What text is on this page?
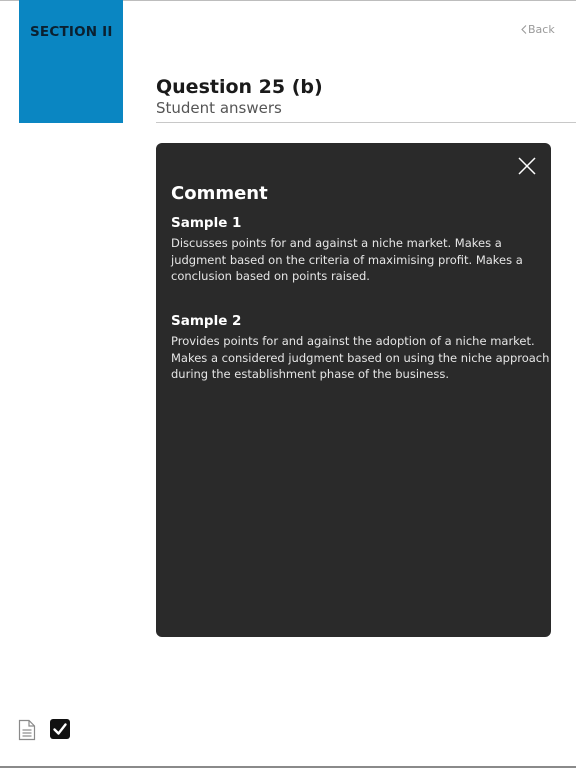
SECTION II	Back
Question 25 (b)
Student answers
Comment
Sample 1
Discusses points for and against a niche market. Makes a
judgment based on the criteria of maximising profit. Makes a
conclusion based on points raised.
Sample 2
Provides points for and against the adoption of a niche market.
Makes a considered judgment based on using the niche approach
during the establishment phase of the business.
